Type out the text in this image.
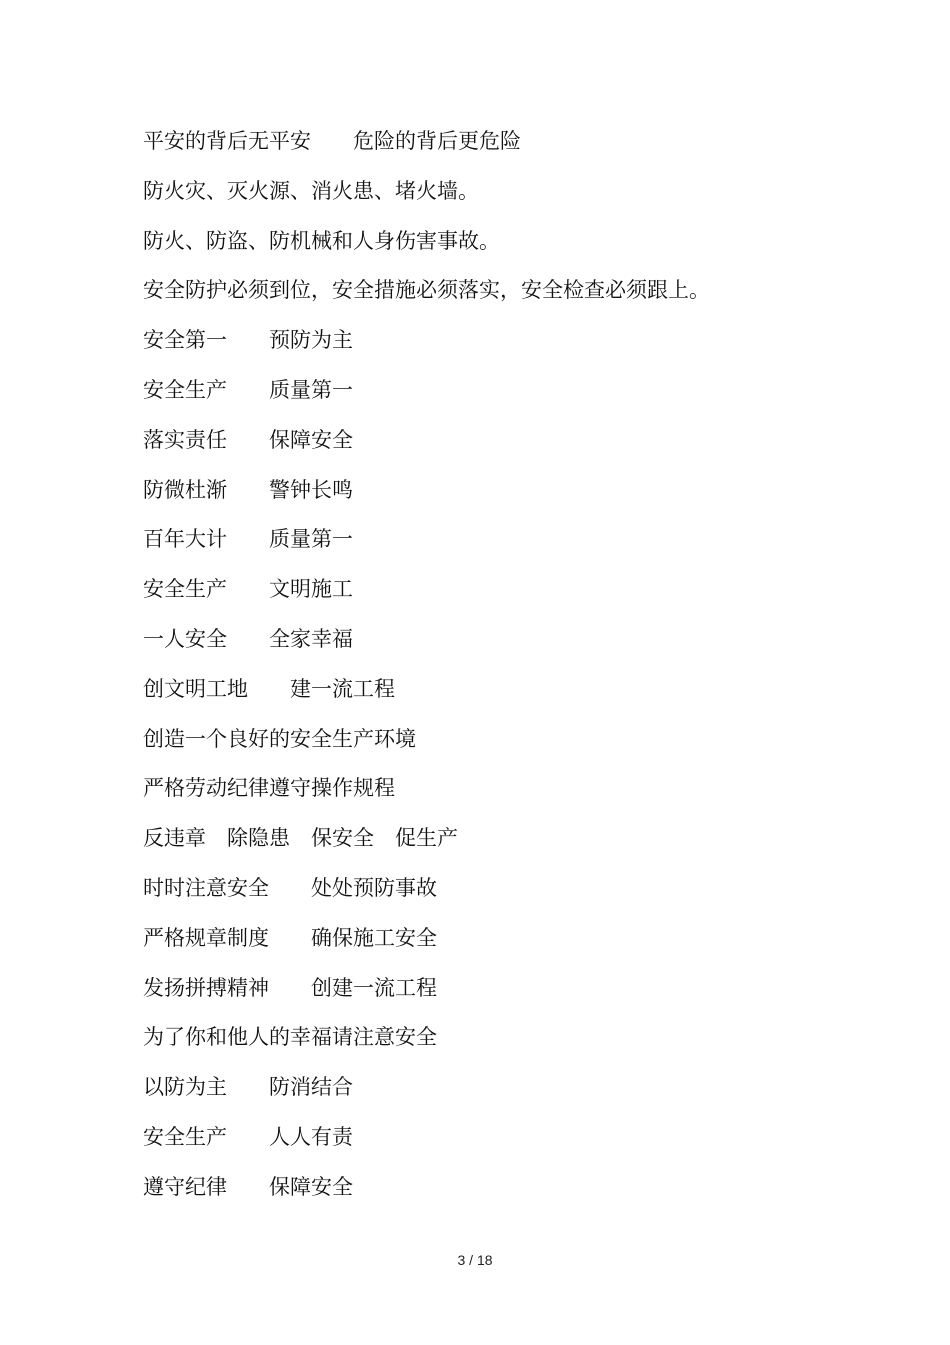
平安的背后无平安　　危险的背后更危险
防火灾、灭火源、消火患、堵火墙。
防火、防盗、防机械和人身伤害事故。
安全防护必须到位，安全措施必须落实，安全检查必须跟上。
安全第一　　预防为主
安全生产　　质量第一
落实责任　　保障安全
防微杜渐　　警钟长鸣
百年大计　　质量第一
安全生产　　文明施工
一人安全　　全家幸福
创文明工地　　建一流工程
创造一个良好的安全生产环境
严格劳动纪律遵守操作规程
反违章　除隐患　保安全　促生产
时时注意安全　　处处预防事故
严格规章制度　　确保施工安全
发扬拼搏精神　　创建一流工程
为了你和他人的幸福请注意安全
以防为主　　防消结合
安全生产　　人人有责
遵守纪律　　保障安全
3 / 18
